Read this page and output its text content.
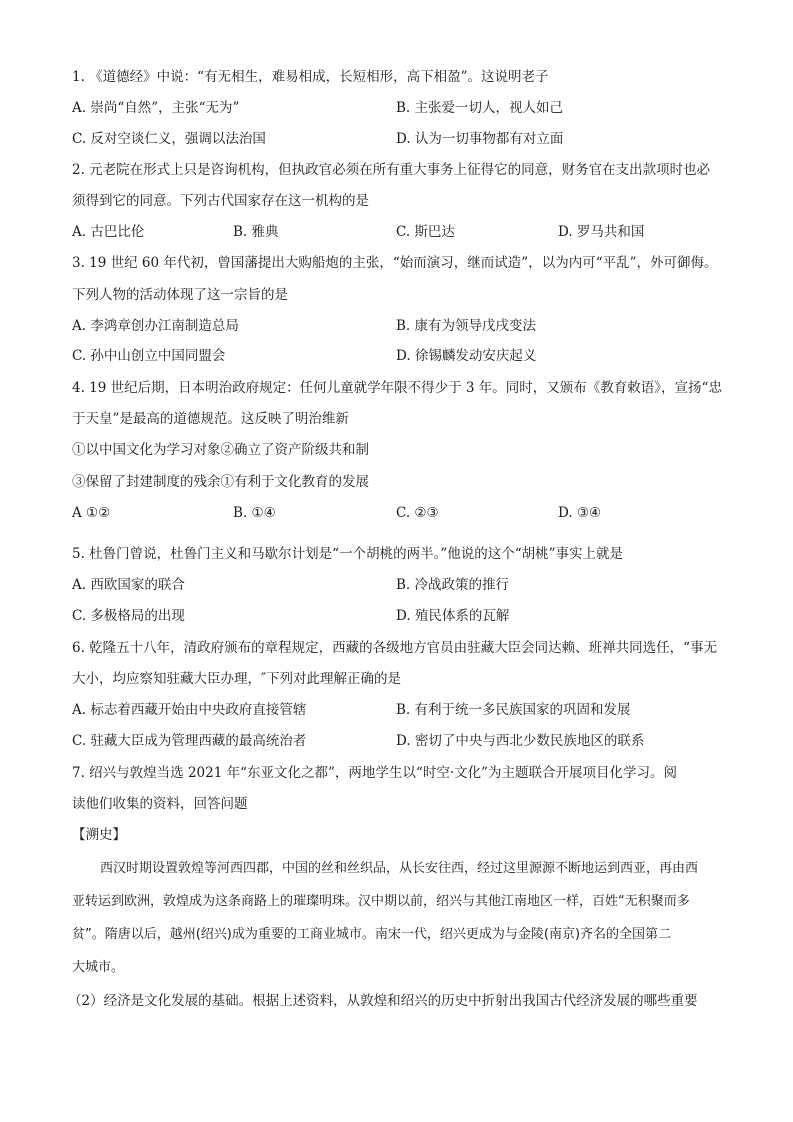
1. 《道德经》中说：“有无相生，难易相成，长短相形，高下相盈”。这说明老子
A. 崇尚“自然”，主张“无为”	B. 主张爱一切人，视人如己
C. 反对空谈仁义，强调以法治国	D. 认为一切事物都有对立面
2. 元老院在形式上只是咨询机构，但执政官必须在所有重大事务上征得它的同意，财务官在支出款项时也必
须得到它的同意。下列古代国家存在这一机构的是
A. 古巴比伦	B. 雅典	C. 斯巴达	D. 罗马共和国
3. 19 世纪 60 年代初，曾国藩提出大购船炮的主张，“始而演习，继而试造”，以为内可“平乱”，外可御侮。
下列人物的活动体现了这一宗旨的是
A. 李鸿章创办江南制造总局	B. 康有为领导戊戌变法
C. 孙中山创立中国同盟会	D. 徐锡麟发动安庆起义
4. 19 世纪后期，日本明治政府规定：任何儿童就学年限不得少于 3 年。同时，又颁布《教育敕语》，宣扬“忠
于天皇”是最高的道德规范。这反映了明治维新
①以中国文化为学习对象②确立了资产阶级共和制
③保留了封建制度的残余①有利于文化教育的发展
A ①②	B. ①④	C. ②③	D. ③④
5. 杜鲁门曾说，杜鲁门主义和马歇尔计划是“一个胡桃的两半。”他说的这个“胡桃”事实上就是
A. 西欧国家的联合	B. 冷战政策的推行
C. 多极格局的出现	D. 殖民体系的瓦解
6. 乾隆五十八年，清政府颁布的章程规定，西藏的各级地方官员由驻藏大臣会同达赖、班禅共同选任，“事无
大小，均应察知驻藏大臣办理，″下列对此理解正确的是
A. 标志着西藏开始由中央政府直接管辖	B. 有利于统一多民族国家的巩固和发展
C. 驻藏大臣成为管理西藏的最高统治者	D. 密切了中央与西北少数民族地区的联系
7. 绍兴与敦煌当选 2021 年“东亚文化之都”，两地学生以“时空·文化”为主题联合开展项目化学习。阅
读他们收集的资料，回答问题
【溯史】
西汉时期设置敦煌等河西四郡，中国的丝和丝织品，从长安往西，经过这里源源不断地运到西亚，再由西
亚转运到欧洲，敦煌成为这条商路上的璀璨明珠。汉中期以前，绍兴与其他江南地区一样，百姓“无积聚而多
贫”。隋唐以后，越州(绍兴)成为重要的工商业城市。南宋一代，绍兴更成为与金陵(南京)齐名的全国第二
大城市。
（2）经济是文化发展的基础。根据上述资料，从敦煌和绍兴的历史中折射出我国古代经济发展的哪些重要
